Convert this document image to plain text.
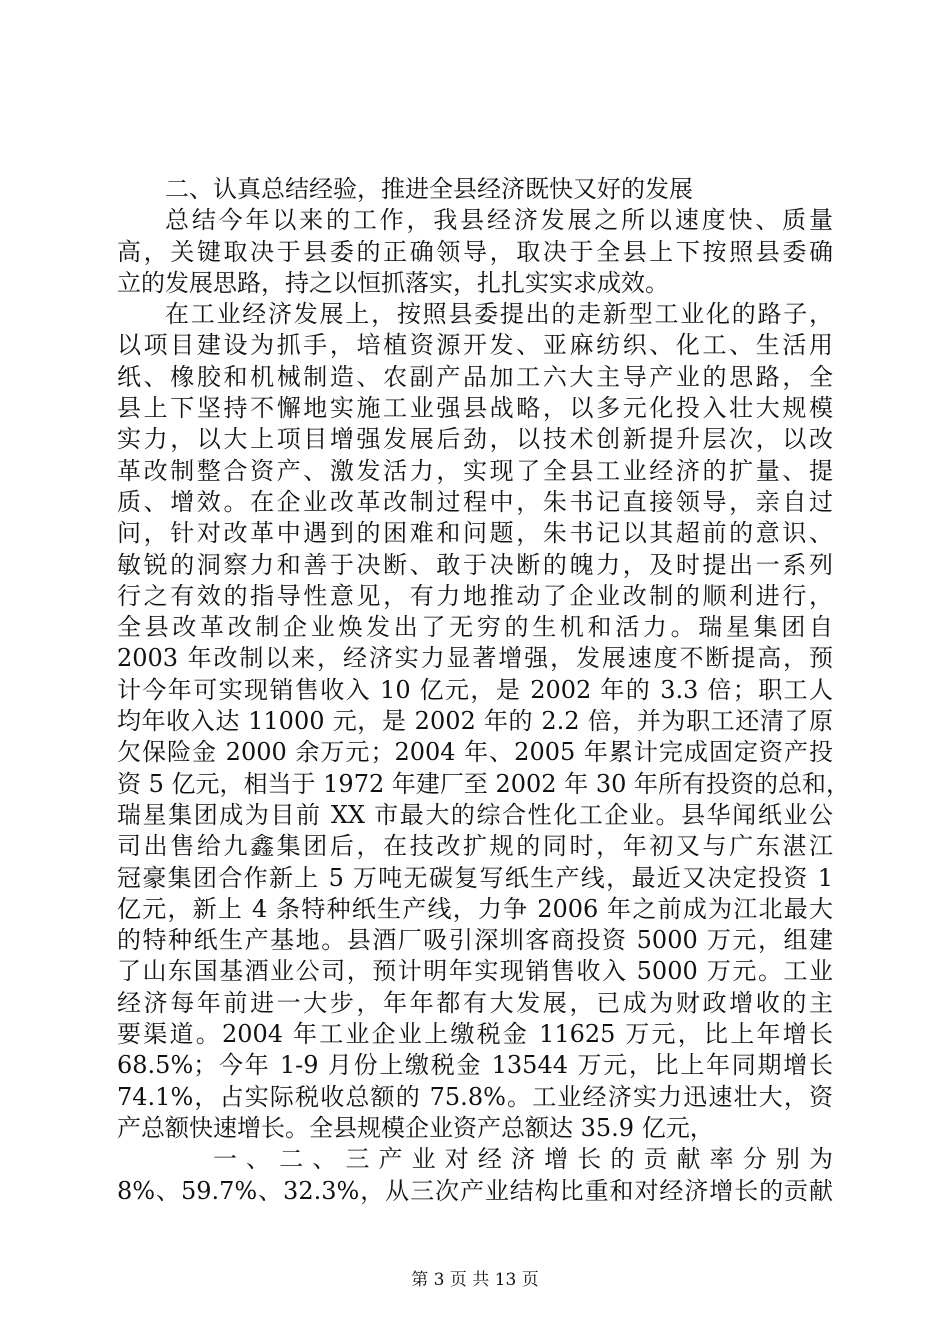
二、认真总结经验，推进全县经济既快又好的发展
总结今年以来的工作，我县经济发展之所以速度快、质量
高，关键取决于县委的正确领导，取决于全县上下按照县委确
立的发展思路，持之以恒抓落实，扎扎实实求成效。
在工业经济发展上，按照县委提出的走新型工业化的路子，
以项目建设为抓手，培植资源开发、亚麻纺织、化工、生活用
纸、橡胶和机械制造、农副产品加工六大主导产业的思路，全
县上下坚持不懈地实施工业强县战略，以多元化投入壮大规模
实力，以大上项目增强发展后劲，以技术创新提升层次，以改
革改制整合资产、激发活力，实现了全县工业经济的扩量、提
质、增效。在企业改革改制过程中，朱书记直接领导，亲自过
问，针对改革中遇到的困难和问题，朱书记以其超前的意识、
敏锐的洞察力和善于决断、敢于决断的魄力，及时提出一系列
行之有效的指导性意见，有力地推动了企业改制的顺利进行，
全县改革改制企业焕发出了无穷的生机和活力。瑞星集团自
2003 年改制以来，经济实力显著增强，发展速度不断提高，预
计今年可实现销售收入 10 亿元，是 2002 年的 3.3 倍；职工人
均年收入达 11000 元，是 2002 年的 2.2 倍，并为职工还清了原
欠保险金 2000 余万元；2004 年、2005 年累计完成固定资产投
资 5 亿元，相当于 1972 年建厂至 2002 年 30 年所有投资的总和，
瑞星集团成为目前 XX 市最大的综合性化工企业。县华闻纸业公
司出售给九鑫集团后，在技改扩规的同时，年初又与广东湛江
冠豪集团合作新上 5 万吨无碳复写纸生产线，最近又决定投资 1
亿元，新上 4 条特种纸生产线，力争 2006 年之前成为江北最大
的特种纸生产基地。县酒厂吸引深圳客商投资 5000 万元，组建
了山东国基酒业公司，预计明年实现销售收入 5000 万元。工业
经济每年前进一大步，年年都有大发展，已成为财政增收的主
要渠道。2004 年工业企业上缴税金 11625 万元，比上年增长
68.5%；今年 1-9 月份上缴税金 13544 万元，比上年同期增长
74.1%，占实际税收总额的 75.8%。工业经济实力迅速壮大，资
产总额快速增长。全县规模企业资产总额达 35.9 亿元，
一、二、三产业对经济增长的贡献率分别为
8%、59.7%、32.3%，从三次产业结构比重和对经济增长的贡献
第 3 页 共 13 页
